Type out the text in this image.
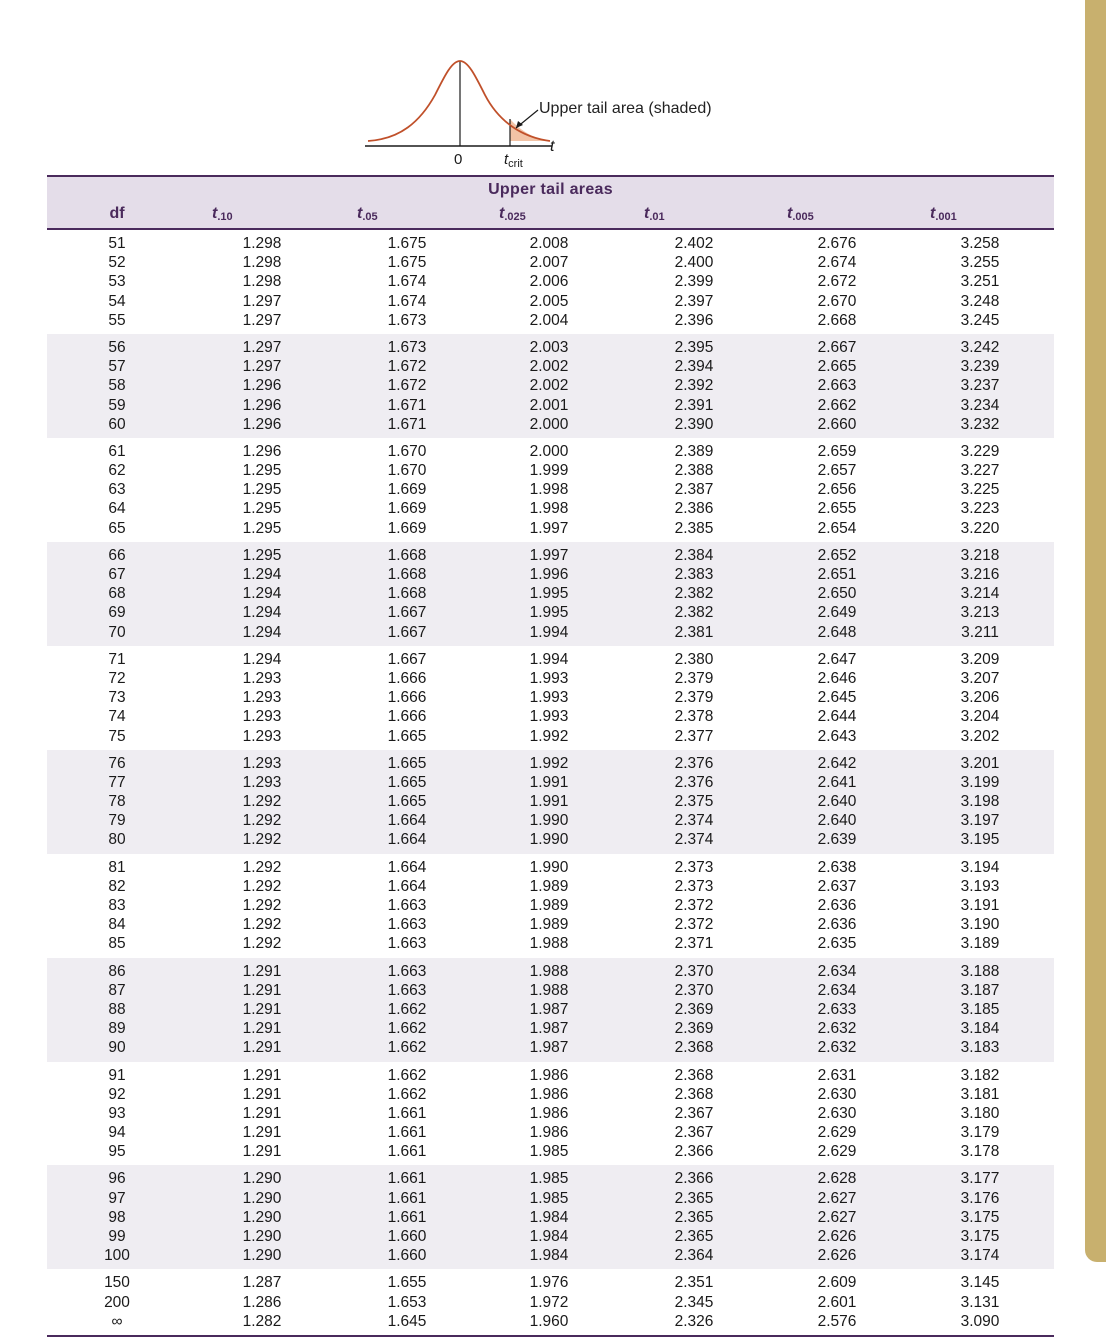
0
t
$t_{crit}$
Upper tail area (shaded)
Upper tail areas
df	$t_{.10}$	$t_{.05}$	$t_{.025}$	$t_{.01}$	$t_{.005}$	$t_{.001}$
51	1.298	1.675	2.008	2.402	2.676	3.258
52	1.298	1.675	2.007	2.400	2.674	3.255
53	1.298	1.674	2.006	2.399	2.672	3.251
54	1.297	1.674	2.005	2.397	2.670	3.248
55	1.297	1.673	2.004	2.396	2.668	3.245
56	1.297	1.673	2.003	2.395	2.667	3.242
57	1.297	1.672	2.002	2.394	2.665	3.239
58	1.296	1.672	2.002	2.392	2.663	3.237
59	1.296	1.671	2.001	2.391	2.662	3.234
60	1.296	1.671	2.000	2.390	2.660	3.232
61	1.296	1.670	2.000	2.389	2.659	3.229
62	1.295	1.670	1.999	2.388	2.657	3.227
63	1.295	1.669	1.998	2.387	2.656	3.225
64	1.295	1.669	1.998	2.386	2.655	3.223
65	1.295	1.669	1.997	2.385	2.654	3.220
66	1.295	1.668	1.997	2.384	2.652	3.218
67	1.294	1.668	1.996	2.383	2.651	3.216
68	1.294	1.668	1.995	2.382	2.650	3.214
69	1.294	1.667	1.995	2.382	2.649	3.213
70	1.294	1.667	1.994	2.381	2.648	3.211
71	1.294	1.667	1.994	2.380	2.647	3.209
72	1.293	1.666	1.993	2.379	2.646	3.207
73	1.293	1.666	1.993	2.379	2.645	3.206
74	1.293	1.666	1.993	2.378	2.644	3.204
75	1.293	1.665	1.992	2.377	2.643	3.202
76	1.293	1.665	1.992	2.376	2.642	3.201
77	1.293	1.665	1.991	2.376	2.641	3.199
78	1.292	1.665	1.991	2.375	2.640	3.198
79	1.292	1.664	1.990	2.374	2.640	3.197
80	1.292	1.664	1.990	2.374	2.639	3.195
81	1.292	1.664	1.990	2.373	2.638	3.194
82	1.292	1.664	1.989	2.373	2.637	3.193
83	1.292	1.663	1.989	2.372	2.636	3.191
84	1.292	1.663	1.989	2.372	2.636	3.190
85	1.292	1.663	1.988	2.371	2.635	3.189
86	1.291	1.663	1.988	2.370	2.634	3.188
87	1.291	1.663	1.988	2.370	2.634	3.187
88	1.291	1.662	1.987	2.369	2.633	3.185
89	1.291	1.662	1.987	2.369	2.632	3.184
90	1.291	1.662	1.987	2.368	2.632	3.183
91	1.291	1.662	1.986	2.368	2.631	3.182
92	1.291	1.662	1.986	2.368	2.630	3.181
93	1.291	1.661	1.986	2.367	2.630	3.180
94	1.291	1.661	1.986	2.367	2.629	3.179
95	1.291	1.661	1.985	2.366	2.629	3.178
96	1.290	1.661	1.985	2.366	2.628	3.177
97	1.290	1.661	1.985	2.365	2.627	3.176
98	1.290	1.661	1.984	2.365	2.627	3.175
99	1.290	1.660	1.984	2.365	2.626	3.175
100	1.290	1.660	1.984	2.364	2.626	3.174
150	1.287	1.655	1.976	2.351	2.609	3.145
200	1.286	1.653	1.972	2.345	2.601	3.131
∞	1.282	1.645	1.960	2.326	2.576	3.090
